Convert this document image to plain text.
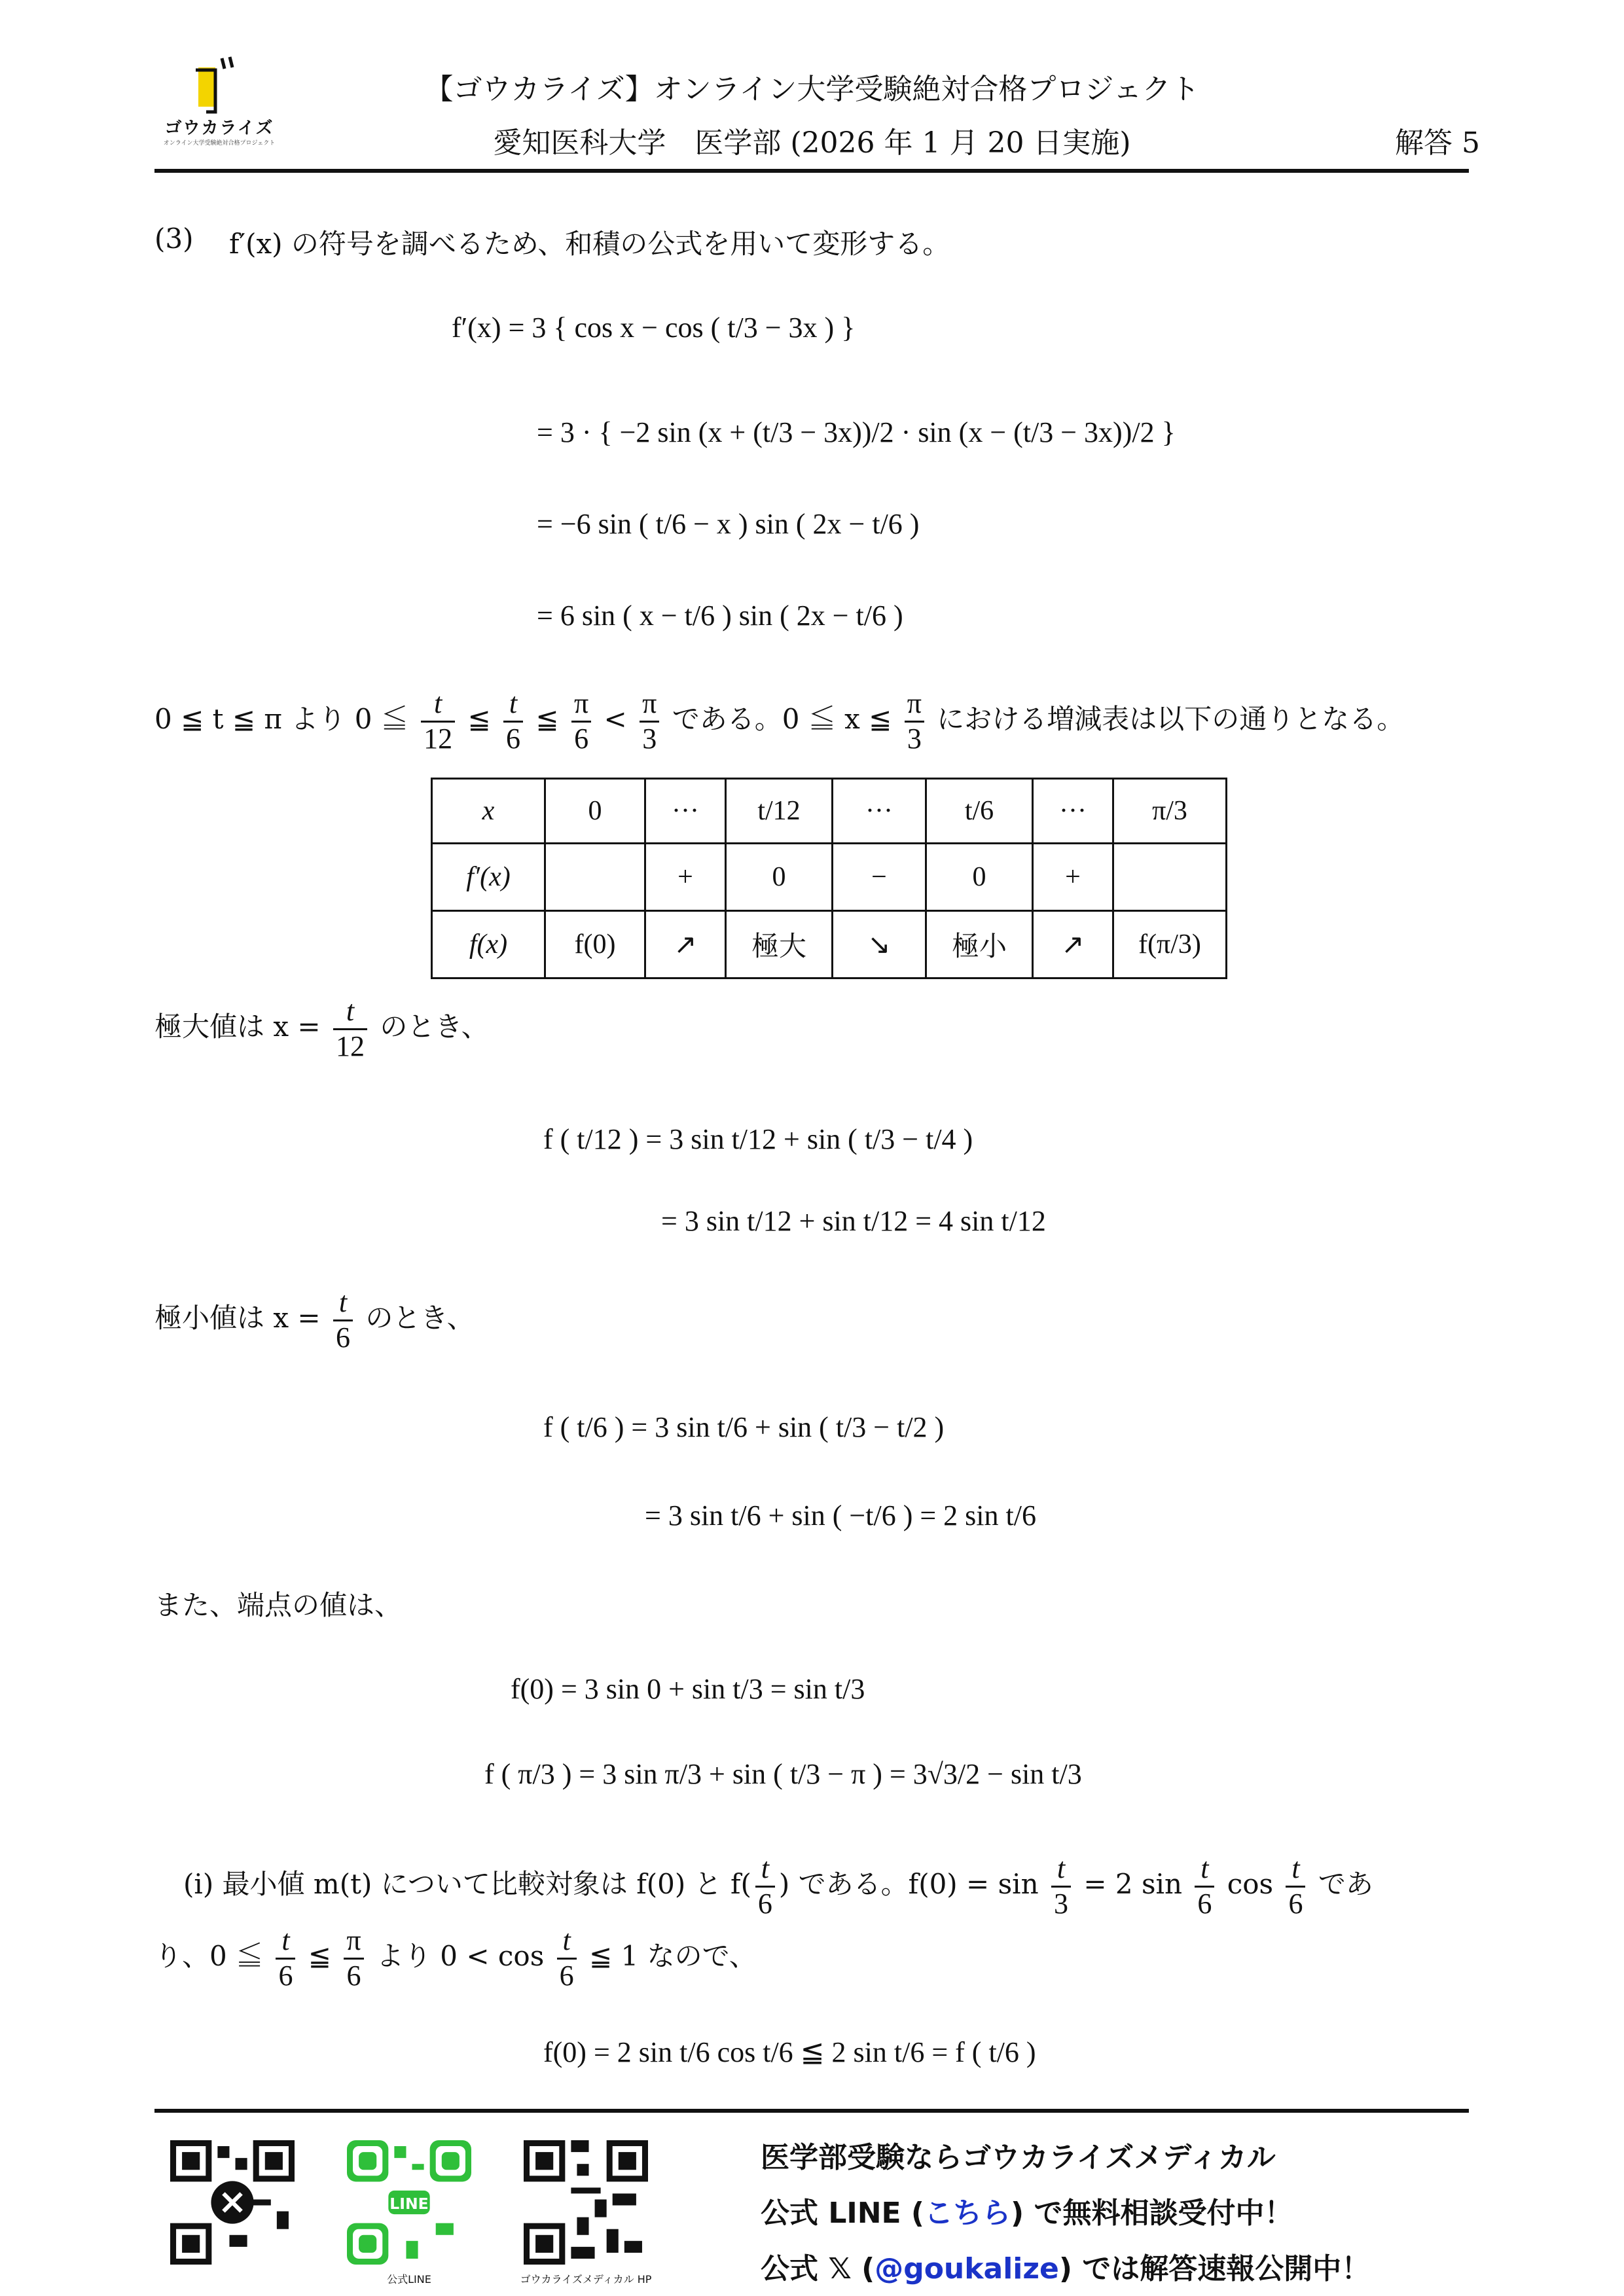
ゴウカライズ
オンライン大学受験絶対合格プロジェクト
【ゴウカライズ】オンライン大学受験絶対合格プロジェクト
愛知医科大学　医学部 (2026 年 1 月 20 日実施)	解答 5
(3) f′(x) の符号を調べるため、和積の公式を用いて変形する。
f′(x) = 3 { cos x − cos ( t/3 − 3x ) }
= 3 · { −2 sin (x + (t/3 − 3x))/2 · sin (x − (t/3 − 3x))/2 }
= −6 sin ( t/6 − x ) sin ( 2x − t/6 )
= 6 sin ( x − t/6 ) sin ( 2x − t/6 )
0 ≦ t ≦ π より 0 ≦ $\frac{t}{12}$ ≦ $\frac{t}{6}$ ≦ $\frac{\pi}{6} < \frac{\pi}{3}$ である。0 ≦ x ≦ $\frac{\pi}{3}$ における増減表は以下の通りとなる。
x	0	···	t/12	···	t/6	···	π/3
f′(x)		+	0	−	0	+	
f(x)	f(0)	↗	極大	↘	極小	↗	f(π/3)
極大値は $x = \frac{t}{12}$ のとき、
f ( t/12 ) = 3 sin t/12 + sin ( t/3 − t/4 )
= 3 sin t/12 + sin t/12 = 4 sin t/12
極小値は $x = \frac{t}{6}$ のとき、
f ( t/6 ) = 3 sin t/6 + sin ( t/3 − t/2 )
= 3 sin t/6 + sin ( −t/6 ) = 2 sin t/6
また、端点の値は、
f(0) = 3 sin 0 + sin t/3 = sin t/3
f ( π/3 ) = 3 sin π/3 + sin ( t/3 − π ) = 3√3/2 − sin t/3
(i) 最小値 m(t) について比較対象は f(0) と $f( \frac{t}{6}$ ) である。$f(0) = \sin \frac{t}{3} = 2$ $\sin \frac{t}{6}$ $\cos \frac{t}{6}$ であ
り、0 ≦ $\frac{t}{6}$ ≦ $\frac{\pi}{6}$ より $0 < \cos \frac{t}{6}$ ≦ 1 なので、
f(0) = 2 sin t/6 cos t/6 ≦ 2 sin t/6 = f ( t/6 )
LINE
公式LINE	ゴウカライズメディカル HP
医学部受験ならゴウカライズメディカル
公式 LINE (こちら) で無料相談受付中！
公式 𝕏 (@goukalize) では解答速報公開中！
